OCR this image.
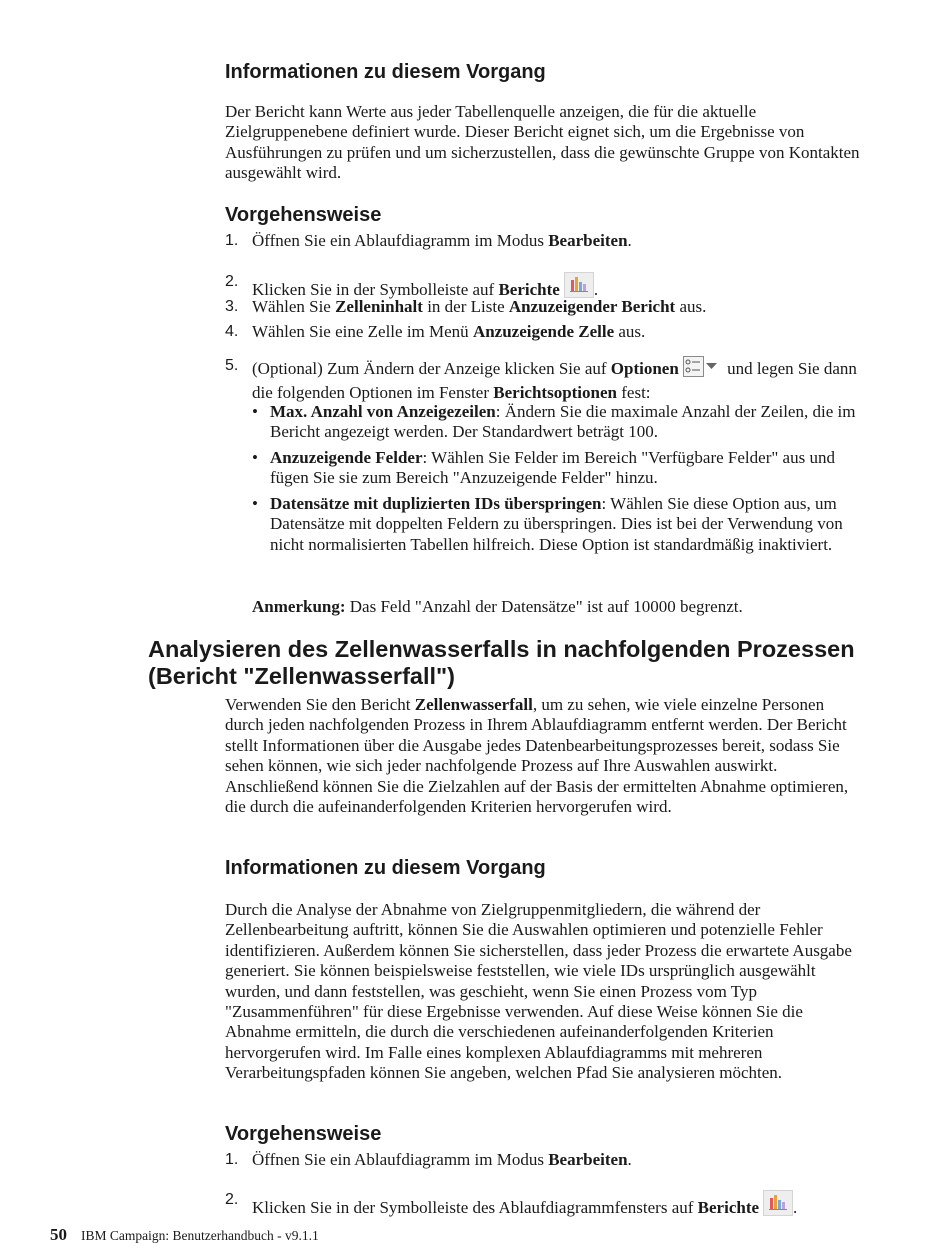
Informationen zu diesem Vorgang

Der Bericht kann Werte aus jeder Tabellenquelle anzeigen, die für die aktuelle Zielgruppenebene definiert wurde. Dieser Bericht eignet sich, um die Ergebnisse von Ausführungen zu prüfen und um sicherzustellen, dass die gewünschte Gruppe von Kontakten ausgewählt wird.

Vorgehensweise
1. Öffnen Sie ein Ablaufdiagramm im Modus Bearbeiten.
2. Klicken Sie in der Symbolleiste auf Berichte .
3. Wählen Sie Zelleninhalt in der Liste Anzuzeigender Bericht aus.
4. Wählen Sie eine Zelle im Menü Anzuzeigende Zelle aus.
5. (Optional) Zum Ändern der Anzeige klicken Sie auf Optionen	und legen Sie dann die folgenden Optionen im Fenster Berichtsoptionen fest:
• Max. Anzahl von Anzeigezeilen: Ändern Sie die maximale Anzahl der Zeilen, die im Bericht angezeigt werden. Der Standardwert beträgt 100.
• Anzuzeigende Felder: Wählen Sie Felder im Bereich "Verfügbare Felder" aus und fügen Sie sie zum Bereich "Anzuzeigende Felder" hinzu.
• Datensätze mit duplizierten IDs überspringen: Wählen Sie diese Option aus, um Datensätze mit doppelten Feldern zu überspringen. Dies ist bei der Verwendung von nicht normalisierten Tabellen hilfreich. Diese Option ist standardmäßig inaktiviert.
Anmerkung: Das Feld "Anzahl der Datensätze" ist auf 10000 begrenzt.
Analysieren des Zellenwasserfalls in nachfolgenden Prozessen (Bericht "Zellenwasserfall")

Verwenden Sie den Bericht Zellenwasserfall, um zu sehen, wie viele einzelne Personen durch jeden nachfolgenden Prozess in Ihrem Ablaufdiagramm entfernt werden. Der Bericht stellt Informationen über die Ausgabe jedes Datenbearbeitungsprozesses bereit, sodass Sie sehen können, wie sich jeder nachfolgende Prozess auf Ihre Auswahlen auswirkt. Anschließend können Sie die Zielzahlen auf der Basis der ermittelten Abnahme optimieren, die durch die aufeinanderfolgenden Kriterien hervorgerufen wird.

Informationen zu diesem Vorgang

Durch die Analyse der Abnahme von Zielgruppenmitgliedern, die während der Zellenbearbeitung auftritt, können Sie die Auswahlen optimieren und potenzielle Fehler identifizieren. Außerdem können Sie sicherstellen, dass jeder Prozess die erwartete Ausgabe generiert. Sie können beispielsweise feststellen, wie viele IDs ursprünglich ausgewählt wurden, und dann feststellen, was geschieht, wenn Sie einen Prozess vom Typ "Zusammenführen" für diese Ergebnisse verwenden. Auf diese Weise können Sie die Abnahme ermitteln, die durch die verschiedenen aufeinanderfolgenden Kriterien hervorgerufen wird. Im Falle eines komplexen Ablaufdiagramms mit mehreren Verarbeitungspfaden können Sie angeben, welchen Pfad Sie analysieren möchten.

Vorgehensweise
1. Öffnen Sie ein Ablaufdiagramm im Modus Bearbeiten.
2. Klicken Sie in der Symbolleiste des Ablaufdiagrammfensters auf Berichte .
50 IBM Campaign: Benutzerhandbuch - v9.1.1
